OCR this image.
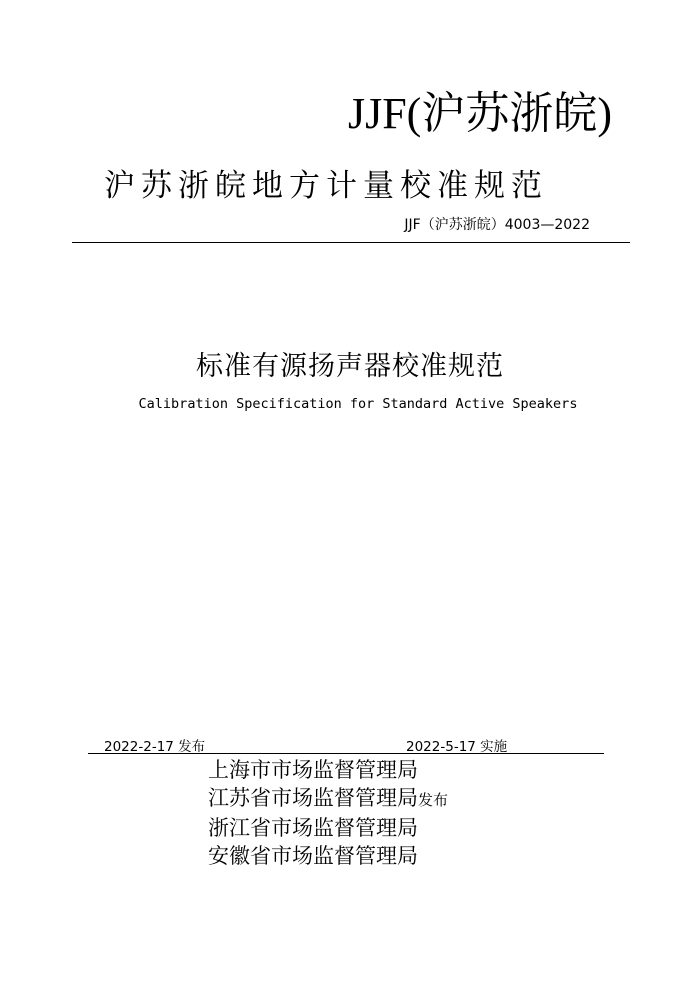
JJF(沪苏浙皖)
沪苏浙皖地方计量校准规范
JJF（沪苏浙皖）4003—2022
标准有源扬声器校准规范
Calibration Specification for Standard Active Speakers
2022-2-17 发布	2022-5-17 实施
上海市市场监督管理局
江苏省市场监督管理局发布
浙江省市场监督管理局
安徽省市场监督管理局
